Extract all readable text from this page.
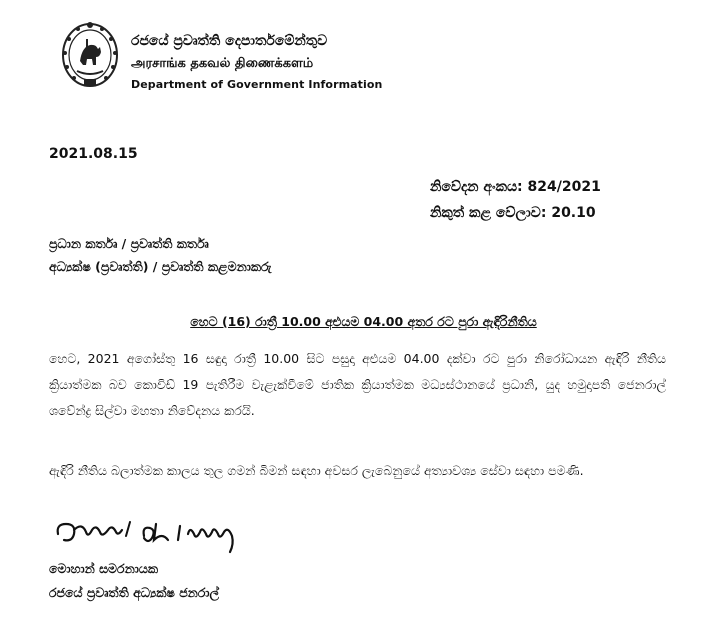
රජයේ ප්‍රවෘත්ති දෙපාර්තමේන්තුව
அரசாங்க தகவல் திணைக்களம்
Department of Government Information
2021.08.15
නිවේදන අංකය: 824/2021
නිකුත් කළ වේලාව: 20.10
ප්‍රධාන කර්තෘ / ප්‍රවෘත්ති කර්තෘ
අධ්‍යක්ෂ (ප්‍රවෘත්ති) / ප්‍රවෘත්ති කළමනාකරු
හෙට (16) රාත්‍රී 10.00 අළුයම 04.00 අතර රට පුරා ඇඳිරිනීතිය
හෙට, 2021 අගෝස්තු 16 සඳුදා රාත්‍රී 10.00 සිට පසුදා අළුයම 04.00 දක්වා රට පුරා නිරෝධායන ඇඳිරි නීතිය ක්‍රියාත්මක බව කොවිඩ් 19 පැතිරීම වැළැක්වීමේ ජාතික ක්‍රියාත්මක මධ්‍යස්ථානයේ ප්‍රධානි, යුද හමුදාපති ජෙනරාල් ශවේන්ද්‍ර සිල්වා මහතා නිවේදනය කරයි.
ඇඳිරි නීතිය බලාත්මක කාලය තුල ගමන් බිමන් සඳහා අවසර ලැබෙනුයේ අත්‍යාවශ්‍ය සේවා සඳහා පමණි.
මොහාන් සමරනායක
රජයේ ප්‍රවෘත්ති අධ්‍යක්ෂ ජනරාල්
